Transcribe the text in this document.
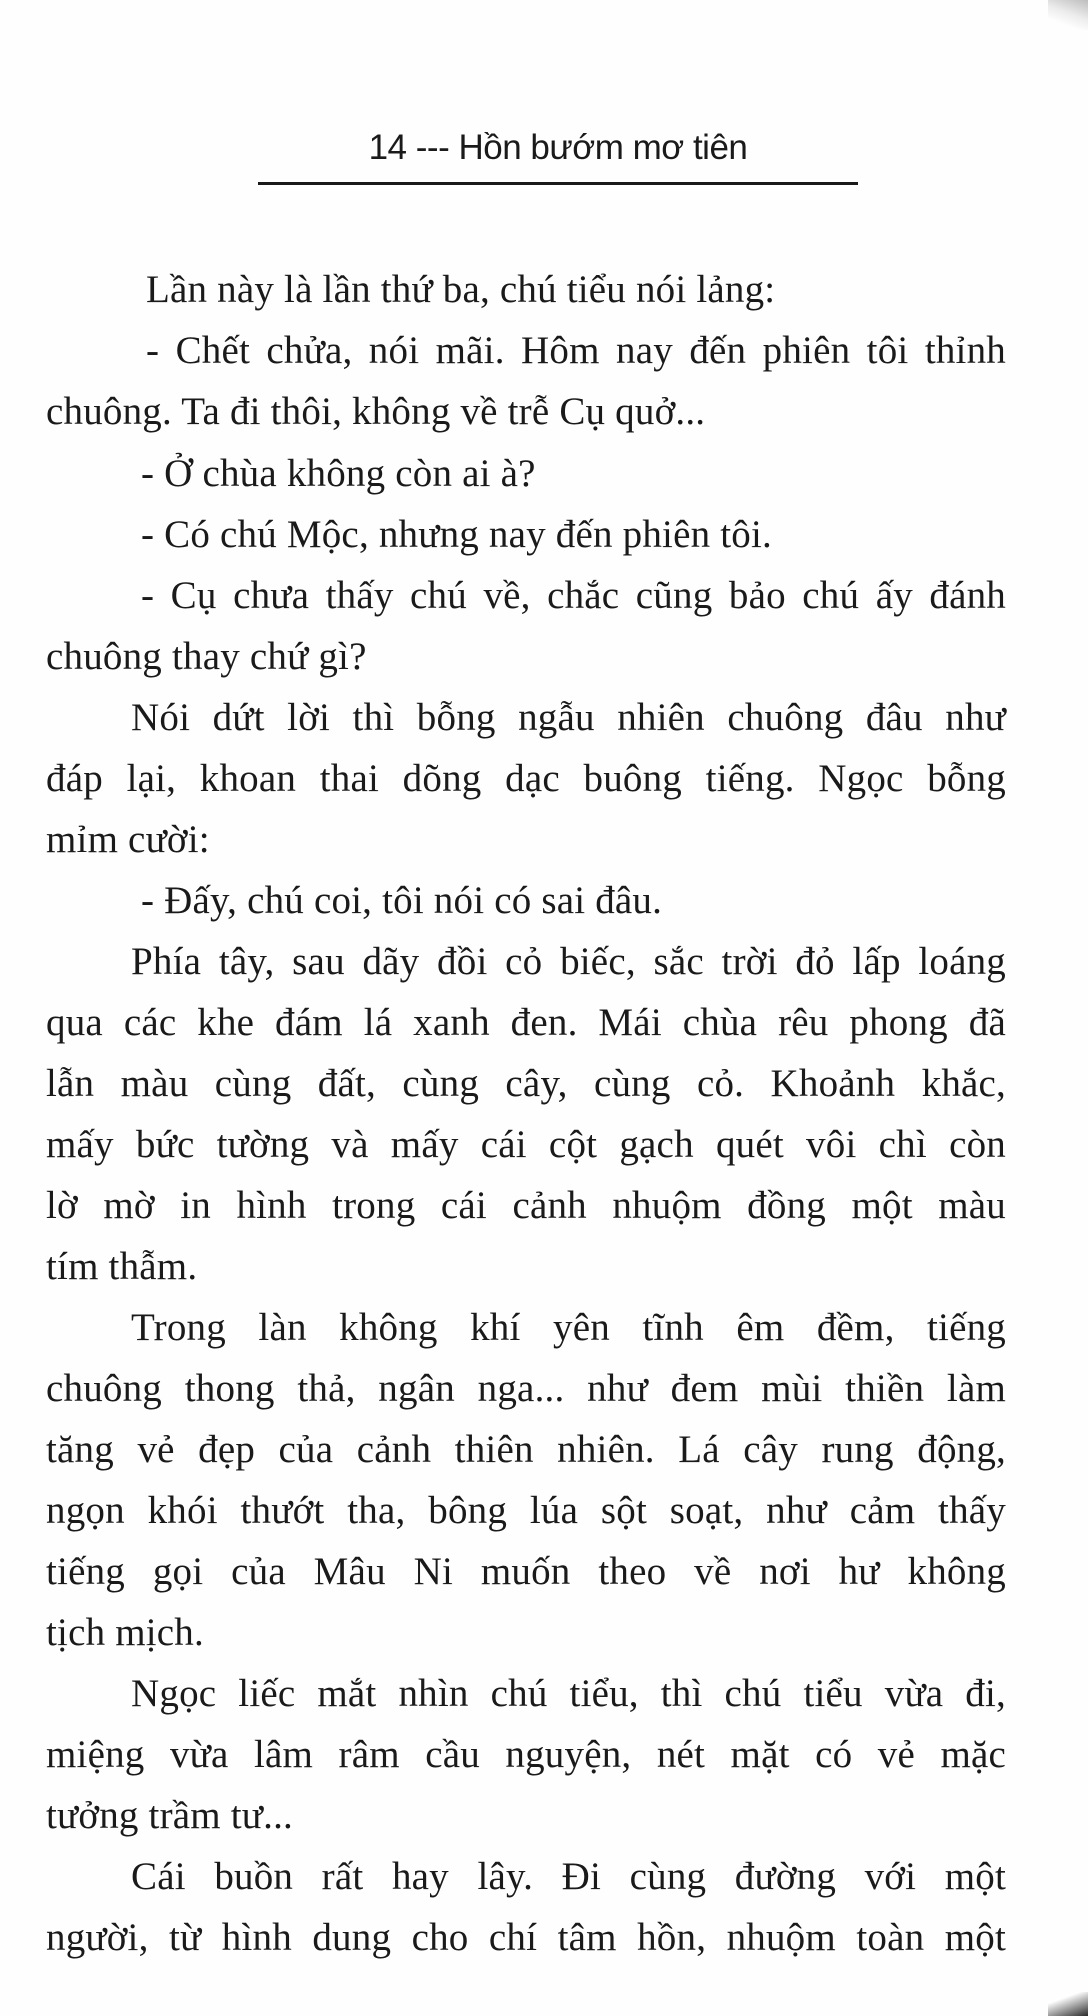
14 --- Hồn bướm mơ tiên
Lần này là lần thứ ba, chú tiểu nói lảng:
- Chết chửa, nói mãi. Hôm nay đến phiên tôi thỉnh
chuông. Ta đi thôi, không về trễ Cụ quở...
- Ở chùa không còn ai à?
- Có chú Mộc, nhưng nay đến phiên tôi.
- Cụ chưa thấy chú về, chắc cũng bảo chú ấy đánh
chuông thay chứ gì?
Nói dứt lời thì bỗng ngẫu nhiên chuông đâu như
đáp lại, khoan thai dõng dạc buông tiếng. Ngọc bỗng
mỉm cười:
- Đấy, chú coi, tôi nói có sai đâu.
Phía tây, sau dãy đồi cỏ biếc, sắc trời đỏ lấp loáng
qua các khe đám lá xanh đen. Mái chùa rêu phong đã
lẫn màu cùng đất, cùng cây, cùng cỏ. Khoảnh khắc,
mấy bức tường và mấy cái cột gạch quét vôi chì còn
lờ mờ in hình trong cái cảnh nhuộm đồng một màu
tím thẫm.
Trong làn không khí yên tĩnh êm đềm, tiếng
chuông thong thả, ngân nga... như đem mùi thiền làm
tăng vẻ đẹp của cảnh thiên nhiên. Lá cây rung động,
ngọn khói thướt tha, bông lúa sột soạt, như cảm thấy
tiếng gọi của Mâu Ni muốn theo về nơi hư không
tịch mịch.
Ngọc liếc mắt nhìn chú tiểu, thì chú tiểu vừa đi,
miệng vừa lâm râm cầu nguyện, nét mặt có vẻ mặc
tưởng trầm tư...
Cái buồn rất hay lây. Đi cùng đường với một
người, từ hình dung cho chí tâm hồn, nhuộm toàn một
